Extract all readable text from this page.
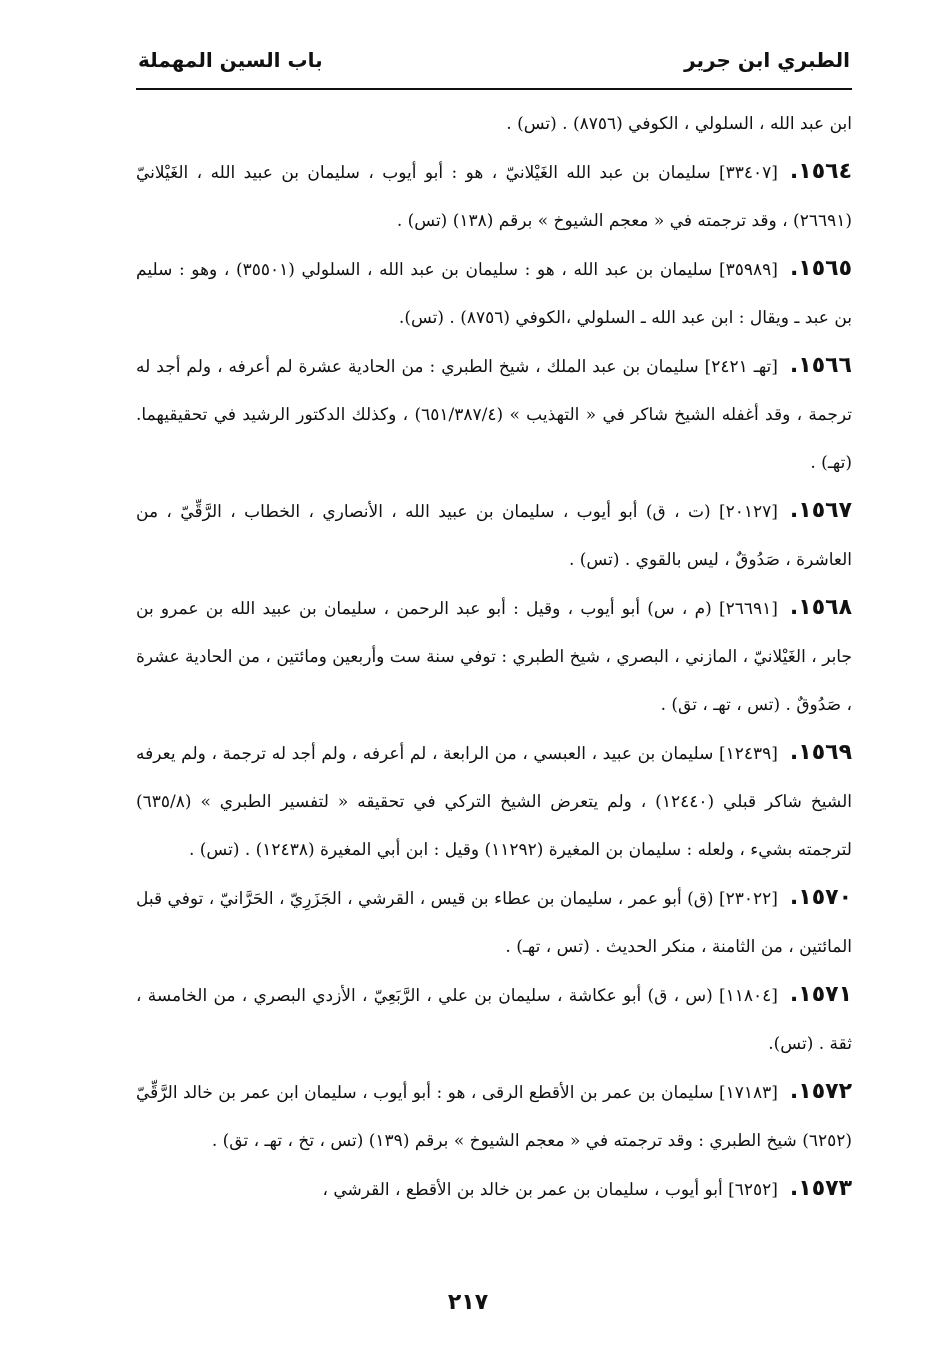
الطبري ابن جرير
باب السين المهملة

ابن عبد الله ، السلولي ، الكوفي (٨٧٥٦) . (تس) .

١٥٦٤.[٣٣٤٠٧] سليمان بن عبد الله الغَيْلانيّ ، هو : أبو أيوب ، سليمان بن عبيد الله ، الغَيْلانيّ (٢٦٦٩١) ، وقد ترجمته في « معجم الشيوخ » برقم (١٣٨) (تس) .

١٥٦٥.[٣٥٩٨٩] سليمان بن عبد الله ، هو : سليمان بن عبد الله ، السلولي (٣٥٥٠١) ، وهو : سليم بن عبد ـ ويقال : ابن عبد الله ـ السلولي ،الكوفي (٨٧٥٦) . (تس).

١٥٦٦.[تهـ ٢٤٢١] سليمان بن عبد الملك ، شيخ الطبري : من الحادية عشرة لم أعرفه ، ولم أجد له ترجمة ، وقد أغفله الشيخ شاكر في « التهذيب » (٦٥١/٣٨٧/٤) ، وكذلك الدكتور الرشيد في تحقيقيهما. (تهـ) .

١٥٦٧.[٢٠١٢٧] (ت ، ق) أبو أيوب ، سليمان بن عبيد الله ، الأنصاري ، الخطاب ، الرَّقِّيّ ، من العاشرة ، صَدُوقٌ ، ليس بالقوي . (تس) .

١٥٦٨.[٢٦٦٩١] (م ، س) أبو أيوب ، وقيل : أبو عبد الرحمن ، سليمان بن عبيد الله بن عمرو بن جابر ، الغَيْلانيّ ، المازني ، البصري ، شيخ الطبري : توفي سنة ست وأربعين ومائتين ، من الحادية عشرة ، صَدُوقٌ . (تس ، تهـ ، تق) .

١٥٦٩.[١٢٤٣٩] سليمان بن عبيد ، العبسي ، من الرابعة ، لم أعرفه ، ولم أجد له ترجمة ، ولم يعرفه الشيخ شاكر قبلي (١٢٤٤٠) ، ولم يتعرض الشيخ التركي في تحقيقه « لتفسير الطبري » (٦٣٥/٨) لترجمته بشيء ، ولعله : سليمان بن المغيرة (١١٢٩٢) وقيل : ابن أبي المغيرة (١٢٤٣٨) . (تس) .

١٥٧٠.[٢٣٠٢٢] (ق) أبو عمر ، سليمان بن عطاء بن قيس ، القرشي ، الجَزَرِيّ ، الحَرَّانيّ ، توفي قبل المائتين ، من الثامنة ، منكر الحديث . (تس ، تهـ) .

١٥٧١.[١١٨٠٤] (س ، ق) أبو عكاشة ، سليمان بن علي ، الرَّبَعِيّ ، الأزدي البصري ، من الخامسة ، ثقة . (تس).

١٥٧٢.[١٧١٨٣] سليمان بن عمر بن الأقطع الرقى ، هو : أبو أيوب ، سليمان ابن عمر بن خالد الرَّقِّيّ (٦٢٥٢) شيخ الطبري : وقد ترجمته في « معجم الشيوخ » برقم (١٣٩) (تس ، تخ ، تهـ ، تق) .

١٥٧٣.[٦٢٥٢] أبو أيوب ، سليمان بن عمر بن خالد بن الأقطع ، القرشي ،

٢١٧
